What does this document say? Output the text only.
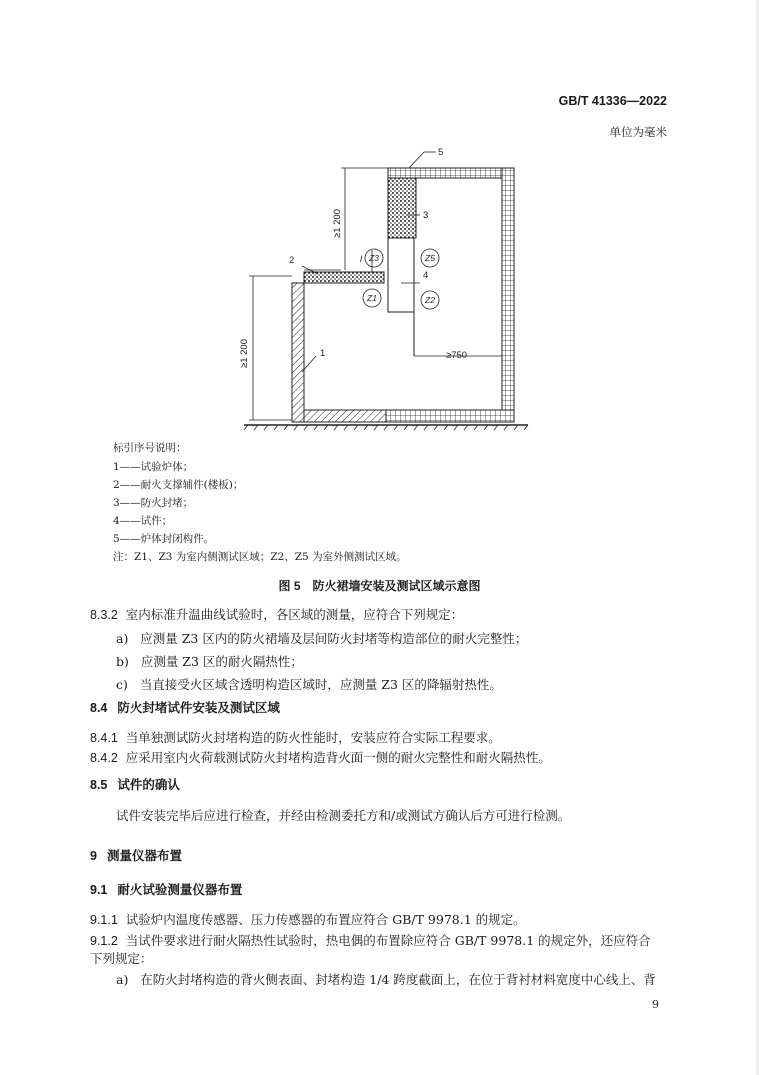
GB/T 41336—2022
单位为毫米
Z3	Z5
Z1	Z2
5
3
4
2
1
l
≥750
≥1 200
≥1 200
标引序号说明：
1——试验炉体；
2——耐火支撑辅件(楼板)；
3——防火封堵；
4——试件；
5——炉体封闭构件。
注：Z1、Z3 为室内侧测试区域；Z2、Z5 为室外侧测试区域。
图 5　防火裙墙安装及测试区域示意图
8.3.2 室内标准升温曲线试验时，各区域的测量，应符合下列规定：
a) 应测量 Z3 区内的防火裙墙及层间防火封堵等构造部位的耐火完整性；
b) 应测量 Z3 区的耐火隔热性；
c) 当直接受火区域含透明构造区域时，应测量 Z3 区的降辐射热性。
8.4 防火封堵试件安装及测试区域
8.4.1 当单独测试防火封堵构造的防火性能时，安装应符合实际工程要求。
8.4.2 应采用室内火荷载测试防火封堵构造背火面一侧的耐火完整性和耐火隔热性。
8.5 试件的确认
试件安装完毕后应进行检查，并经由检测委托方和/或测试方确认后方可进行检测。
9 测量仪器布置
9.1 耐火试验测量仪器布置
9.1.1 试验炉内温度传感器、压力传感器的布置应符合 GB/T 9978.1 的规定。
9.1.2 当试件要求进行耐火隔热性试验时，热电偶的布置除应符合 GB/T 9978.1 的规定外，还应符合
下列规定：
a) 在防火封堵构造的背火侧表面、封堵构造 1/4 跨度截面上，在位于背衬材料宽度中心线上、背
9
